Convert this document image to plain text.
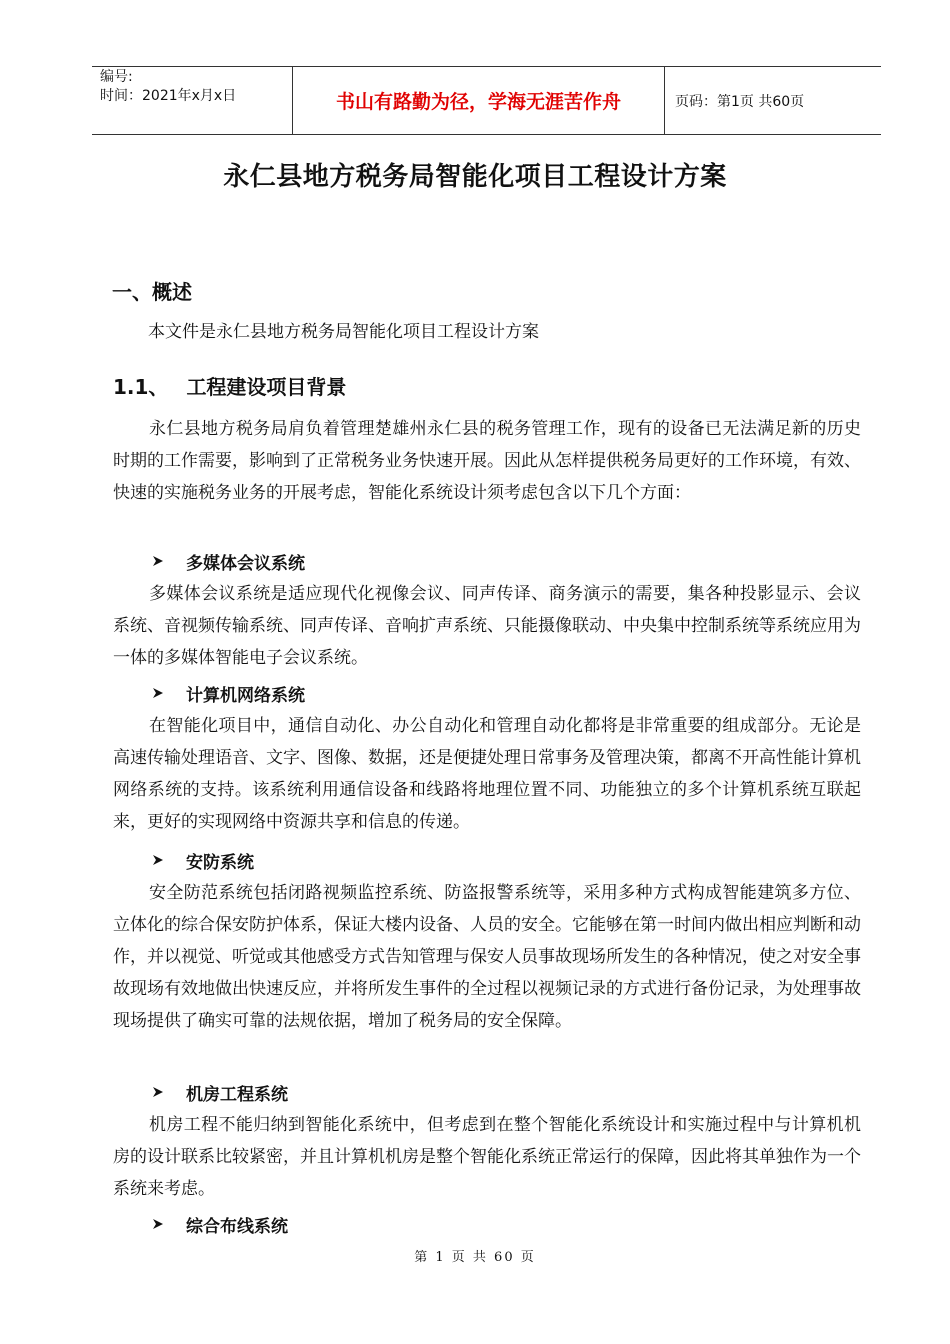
编号:
时间：2021年x月x日	书山有路勤为径，学海无涯苦作舟	页码：第1页 共60页
永仁县地方税务局智能化项目工程设计方案
一、概述
本文件是永仁县地方税务局智能化项目工程设计方案
1.1、 工程建设项目背景

永仁县地方税务局肩负着管理楚雄州永仁县的税务管理工作，现有的设备已无法满足新的历史时期的工作需要，影响到了正常税务业务快速开展。因此从怎样提供税务局更好的工作环境，有效、快速的实施税务业务的开展考虑，智能化系统设计须考虑包含以下几个方面：

多媒体会议系统

多媒体会议系统是适应现代化视像会议、同声传译、商务演示的需要，集各种投影显示、会议系统、音视频传输系统、同声传译、音响扩声系统、只能摄像联动、中央集中控制系统等系统应用为一体的多媒体智能电子会议系统。

计算机网络系统

在智能化项目中，通信自动化、办公自动化和管理自动化都将是非常重要的组成部分。无论是高速传输处理语音、文字、图像、数据，还是便捷处理日常事务及管理决策，都离不开高性能计算机网络系统的支持。该系统利用通信设备和线路将地理位置不同、功能独立的多个计算机系统互联起来，更好的实现网络中资源共享和信息的传递。

安防系统

安全防范系统包括闭路视频监控系统、防盗报警系统等，采用多种方式构成智能建筑多方位、立体化的综合保安防护体系，保证大楼内设备、人员的安全。它能够在第一时间内做出相应判断和动作，并以视觉、听觉或其他感受方式告知管理与保安人员事故现场所发生的各种情况，使之对安全事故现场有效地做出快速反应，并将所发生事件的全过程以视频记录的方式进行备份记录，为处理事故现场提供了确实可靠的法规依据，增加了税务局的安全保障。

机房工程系统

机房工程不能归纳到智能化系统中，但考虑到在整个智能化系统设计和实施过程中与计算机机房的设计联系比较紧密，并且计算机机房是整个智能化系统正常运行的保障，因此将其单独作为一个系统来考虑。

综合布线系统
第 1 页 共 60 页
